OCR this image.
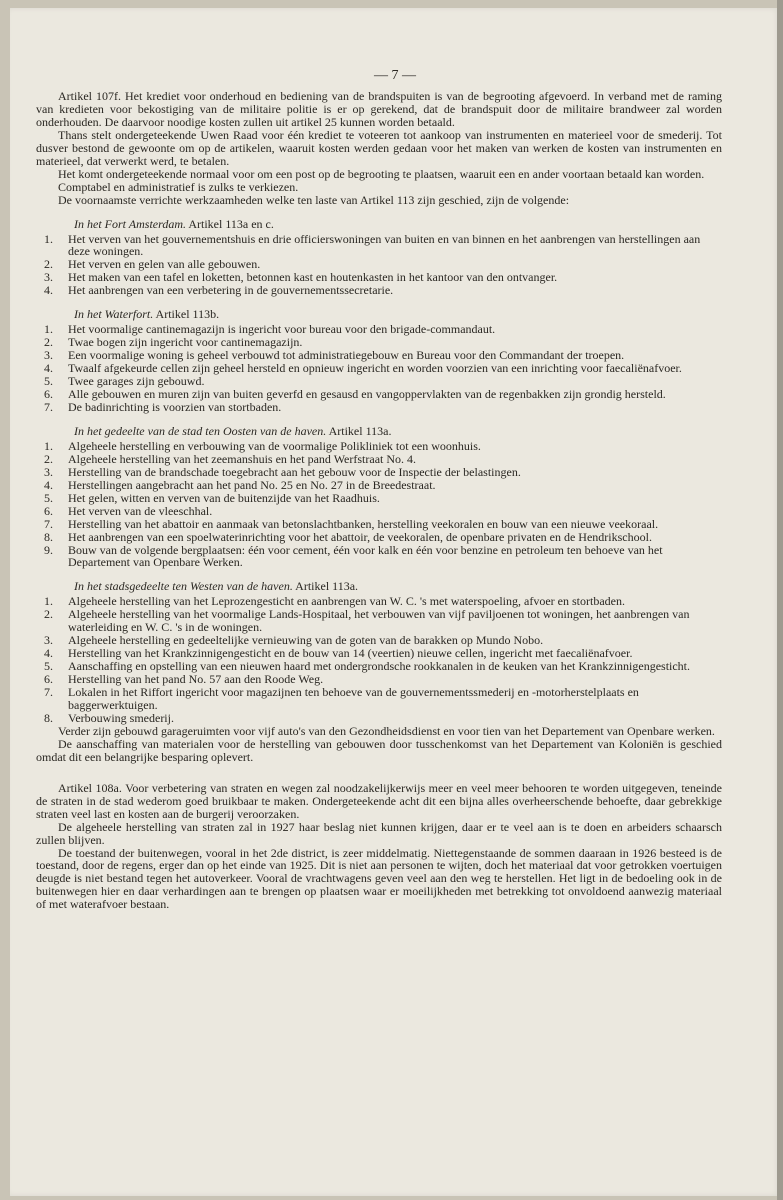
— 7 —

Artikel 107f. Het krediet voor onderhoud en bediening van de brandspuiten is van de begrooting afgevoerd. In verband met de raming van kredieten voor bekostiging van de militaire politie is er op gerekend, dat de brandspuit door de militaire brandweer zal worden onderhouden. De daarvoor noodige kosten zullen uit artikel 25 kunnen worden betaald.

Thans stelt ondergeteekende Uwen Raad voor één krediet te voteeren tot aankoop van instrumenten en materieel voor de smederij. Tot dusver bestond de gewoonte om op de artikelen, waaruit kosten werden gedaan voor het maken van werken de kosten van instrumenten en materieel, dat verwerkt werd, te betalen.

Het komt ondergeteekende normaal voor om een post op de begrooting te plaatsen, waaruit een en ander voortaan betaald kan worden.

Comptabel en administratief is zulks te verkiezen.

De voornaamste verrichte werkzaamheden welke ten laste van Artikel 113 zijn geschied, zijn de volgende:

In het Fort Amsterdam. Artikel 113a en c.

1. Het verven van het gouvernementshuis en drie officierswoningen van buiten en van binnen en het aanbrengen van herstellingen aan deze woningen.
2. Het verven en gelen van alle gebouwen.
3. Het maken van een tafel en loketten, betonnen kast en houtenkasten in het kantoor van den ontvanger.
4. Het aanbrengen van een verbetering in de gouvernementssecretarie.

In het Waterfort. Artikel 113b.

1. Het voormalige cantinemagazijn is ingericht voor bureau voor den brigade-commandaut.
2. Twae bogen zijn ingericht voor cantinemagazijn.
3. Een voormalige woning is geheel verbouwd tot administratiegebouw en Bureau voor den Commandant der troepen.
4. Twaalf afgekeurde cellen zijn geheel hersteld en opnieuw ingericht en worden voorzien van een inrichting voor faecaliënafvoer.
5. Twee garages zijn gebouwd.
6. Alle gebouwen en muren zijn van buiten geverfd en gesausd en vangoppervlakten van de regenbakken zijn grondig hersteld.
7. De badinrichting is voorzien van stortbaden.

In het gedeelte van de stad ten Oosten van de haven. Artikel 113a.

1. Algeheele herstelling en verbouwing van de voormalige Polikliniek tot een woonhuis.
2. Algeheele herstelling van het zeemanshuis en het pand Werfstraat No. 4.
3. Herstelling van de brandschade toegebracht aan het gebouw voor de Inspectie der belastingen.
4. Herstellingen aangebracht aan het pand No. 25 en No. 27 in de Breedestraat.
5. Het gelen, witten en verven van de buitenzijde van het Raadhuis.
6. Het verven van de vleeschhal.
7. Herstelling van het abattoir en aanmaak van betonslachtbanken, herstelling veekoralen en bouw van een nieuwe veekoraal.
8. Het aanbrengen van een spoelwaterinrichting voor het abattoir, de veekoralen, de openbare privaten en de Hendrikschool.
9. Bouw van de volgende bergplaatsen: één voor cement, één voor kalk en één voor benzine en petroleum ten behoeve van het Departement van Openbare Werken.

In het stadsgedeelte ten Westen van de haven. Artikel 113a.

1. Algeheele herstelling van het Leprozengesticht en aanbrengen van W. C. 's met waterspoeling, afvoer en stortbaden.
2. Algeheele herstelling van het voormalige Lands-Hospitaal, het verbouwen van vijf paviljoenen tot woningen, het aanbrengen van waterleiding en W. C. 's in de woningen.
3. Algeheele herstelling en gedeeltelijke vernieuwing van de goten van de barakken op Mundo Nobo.
4. Herstelling van het Krankzinnigengesticht en de bouw van 14 (veertien) nieuwe cellen, ingericht met faecaliënafvoer.
5. Aanschaffing en opstelling van een nieuwen haard met ondergrondsche rookkanalen in de keuken van het Krankzinnigengesticht.
6. Herstelling van het pand No. 57 aan den Roode Weg.
7. Lokalen in het Riffort ingericht voor magazijnen ten behoeve van de gouvernementssmederij en -motorherstelplaats en baggerwerktuigen.
8. Verbouwing smederij.

Verder zijn gebouwd garageruimten voor vijf auto's van den Gezondheidsdienst en voor tien van het Departement van Openbare werken.

De aanschaffing van materialen voor de herstelling van gebouwen door tusschenkomst van het Departement van Koloniën is geschied omdat dit een belangrijke besparing oplevert.

Artikel 108a. Voor verbetering van straten en wegen zal noodzakelijkerwijs meer en veel meer behooren te worden uitgegeven, teneinde de straten in de stad wederom goed bruikbaar te maken. Ondergeteekende acht dit een bijna alles overheerschende behoefte, daar gebrekkige straten veel last en kosten aan de burgerij veroorzaken.

De algeheele herstelling van straten zal in 1927 haar beslag niet kunnen krijgen, daar er te veel aan is te doen en arbeiders schaarsch zullen blijven.

De toestand der buitenwegen, vooral in het 2de district, is zeer middelmatig. Niettegenstaande de sommen daaraan in 1926 besteed is de toestand, door de regens, erger dan op het einde van 1925. Dit is niet aan personen te wijten, doch het materiaal dat voor getrokken voertuigen deugde is niet bestand tegen het autoverkeer. Vooral de vrachtwagens geven veel aan den weg te herstellen. Het ligt in de bedoeling ook in de buitenwegen hier en daar verhardingen aan te brengen op plaatsen waar er moeilijkheden met betrekking tot onvoldoend aanwezig materiaal of met waterafvoer bestaan.
